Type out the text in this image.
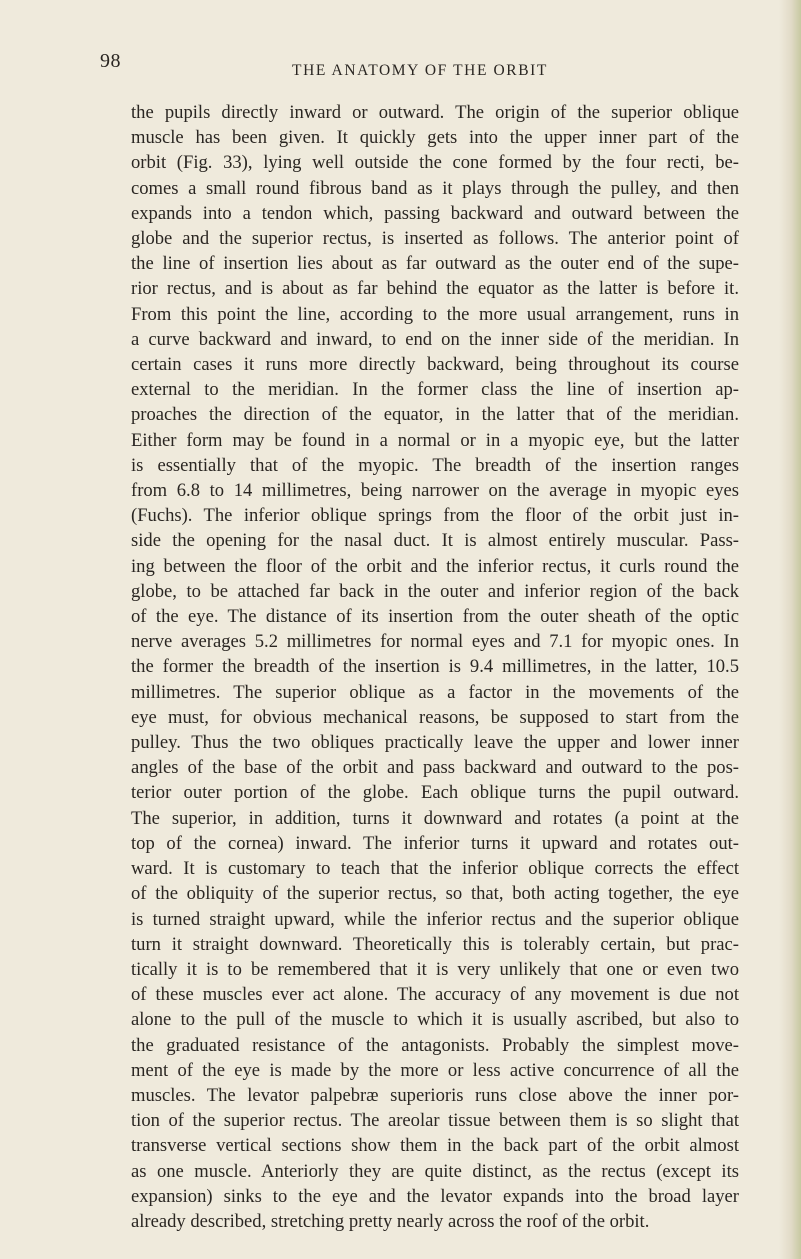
98	THE ANATOMY OF THE ORBIT
the pupils directly inward or outward. The origin of the superior oblique
muscle has been given. It quickly gets into the upper inner part of the
orbit (Fig. 33), lying well outside the cone formed by the four recti, be-
comes a small round fibrous band as it plays through the pulley, and then
expands into a tendon which, passing backward and outward between the
globe and the superior rectus, is inserted as follows. The anterior point of
the line of insertion lies about as far outward as the outer end of the supe-
rior rectus, and is about as far behind the equator as the latter is before it.
From this point the line, according to the more usual arrangement, runs in
a curve backward and inward, to end on the inner side of the meridian. In
certain cases it runs more directly backward, being throughout its course
external to the meridian. In the former class the line of insertion ap-
proaches the direction of the equator, in the latter that of the meridian.
Either form may be found in a normal or in a myopic eye, but the latter
is essentially that of the myopic. The breadth of the insertion ranges
from 6.8 to 14 millimetres, being narrower on the average in myopic eyes
(Fuchs). The inferior oblique springs from the floor of the orbit just in-
side the opening for the nasal duct. It is almost entirely muscular. Pass-
ing between the floor of the orbit and the inferior rectus, it curls round the
globe, to be attached far back in the outer and inferior region of the back
of the eye. The distance of its insertion from the outer sheath of the optic
nerve averages 5.2 millimetres for normal eyes and 7.1 for myopic ones. In
the former the breadth of the insertion is 9.4 millimetres, in the latter, 10.5
millimetres. The superior oblique as a factor in the movements of the
eye must, for obvious mechanical reasons, be supposed to start from the
pulley. Thus the two obliques practically leave the upper and lower inner
angles of the base of the orbit and pass backward and outward to the pos-
terior outer portion of the globe. Each oblique turns the pupil outward.
The superior, in addition, turns it downward and rotates (a point at the
top of the cornea) inward. The inferior turns it upward and rotates out-
ward. It is customary to teach that the inferior oblique corrects the effect
of the obliquity of the superior rectus, so that, both acting together, the eye
is turned straight upward, while the inferior rectus and the superior oblique
turn it straight downward. Theoretically this is tolerably certain, but prac-
tically it is to be remembered that it is very unlikely that one or even two
of these muscles ever act alone. The accuracy of any movement is due not
alone to the pull of the muscle to which it is usually ascribed, but also to
the graduated resistance of the antagonists. Probably the simplest move-
ment of the eye is made by the more or less active concurrence of all the
muscles. The levator palpebræ superioris runs close above the inner por-
tion of the superior rectus. The areolar tissue between them is so slight that
transverse vertical sections show them in the back part of the orbit almost
as one muscle. Anteriorly they are quite distinct, as the rectus (except its
expansion) sinks to the eye and the levator expands into the broad layer
already described, stretching pretty nearly across the roof of the orbit.
